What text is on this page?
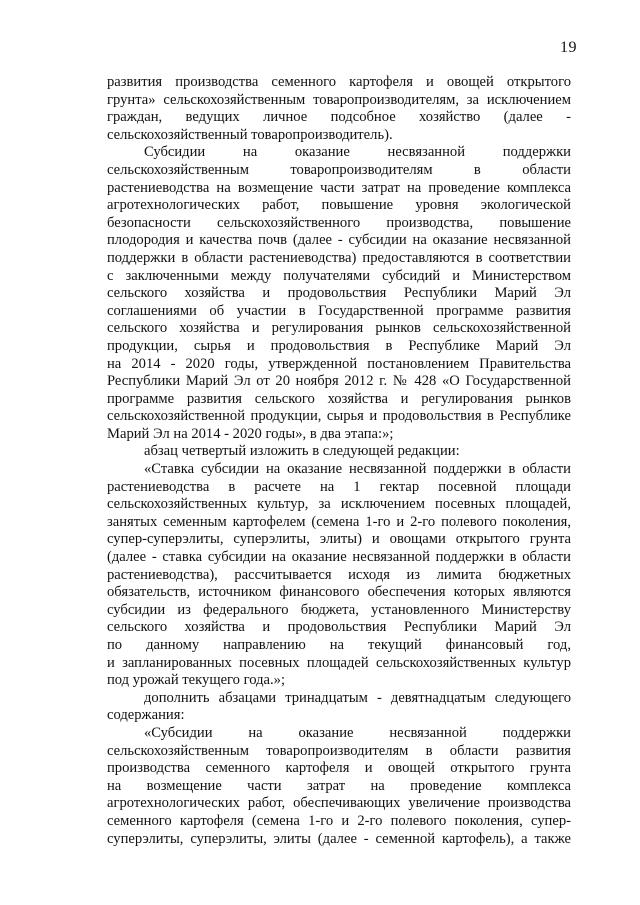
19
развития производства семенного картофеля и овощей открытого
грунта» сельскохозяйственным товаропроизводителям, за исключением
граждан, ведущих личное подсобное хозяйство (далее -
сельскохозяйственный товаропроизводитель).
Субсидии на оказание несвязанной поддержки
сельскохозяйственным товаропроизводителям в области
растениеводства на возмещение части затрат на проведение комплекса
агротехнологических работ, повышение уровня экологической
безопасности сельскохозяйственного производства, повышение
плодородия и качества почв (далее - субсидии на оказание несвязанной
поддержки в области растениеводства) предоставляются в соответствии
с заключенными между получателями субсидий и Министерством
сельского хозяйства и продовольствия Республики Марий Эл
соглашениями об участии в Государственной программе развития
сельского хозяйства и регулирования рынков сельскохозяйственной
продукции, сырья и продовольствия в Республике Марий Эл
на 2014 - 2020 годы, утвержденной постановлением Правительства
Республики Марий Эл от 20 ноября 2012 г. № 428 «О Государственной
программе развития сельского хозяйства и регулирования рынков
сельскохозяйственной продукции, сырья и продовольствия в Республике
Марий Эл на 2014 - 2020 годы», в два этапа:»;
абзац четвертый изложить в следующей редакции:
«Ставка субсидии на оказание несвязанной поддержки в области
растениеводства в расчете на 1 гектар посевной площади
сельскохозяйственных культур, за исключением посевных площадей,
занятых семенным картофелем (семена 1-го и 2-го полевого поколения,
супер-суперэлиты, суперэлиты, элиты) и овощами открытого грунта
(далее - ставка субсидии на оказание несвязанной поддержки в области
растениеводства), рассчитывается исходя из лимита бюджетных
обязательств, источником финансового обеспечения которых являются
субсидии из федерального бюджета, установленного Министерству
сельского хозяйства и продовольствия Республики Марий Эл
по данному направлению на текущий финансовый год,
и запланированных посевных площадей сельскохозяйственных культур
под урожай текущего года.»;
дополнить абзацами тринадцатым - девятнадцатым следующего
содержания:
«Субсидии на оказание несвязанной поддержки
сельскохозяйственным товаропроизводителям в области развития
производства семенного картофеля и овощей открытого грунта
на возмещение части затрат на проведение комплекса
агротехнологических работ, обеспечивающих увеличение производства
семенного картофеля (семена 1-го и 2-го полевого поколения, супер-
суперэлиты, суперэлиты, элиты (далее - семенной картофель), а также
